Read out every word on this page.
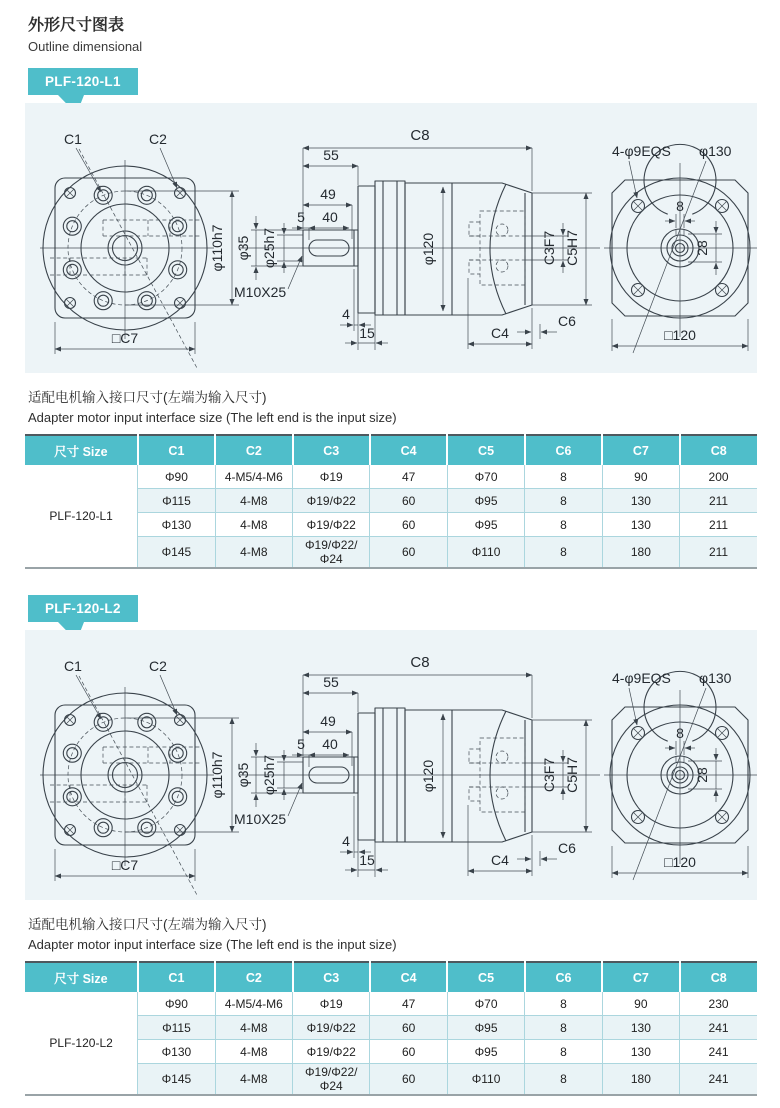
外形尺寸图表
Outline dimensional
PLF-120-L1
C1	C2
□C7
φ110h7
C8
55
49
5 40
φ35 φ25h7
M10X25
φ120
4
15	C4
C6
C3F7 C5H7
8
28
4-φ9EQS φ130
□120
适配电机输入接口尺寸(左端为输入尺寸)
Adapter motor input interface size (The left end is the input size)
尺寸 Size	C1	C2	C3	C4	C5	C6	C7	C8
PLF-120-L1	Φ90	4-M5/4-M6	Φ19	47	Φ70	8	90	200
	Φ115	4-M8	Φ19/Φ22	60	Φ95	8	130	211
	Φ130	4-M8	Φ19/Φ22	60	Φ95	8	130	211
	Φ145	4-M8	Φ19/Φ22/Φ24	60	Φ110	8	180	211
PLF-120-L2
C1	C2
□C7
φ110h7
C8
55
49
5 40
φ35 φ25h7
M10X25
φ120
4
15	C4
C6
C3F7 C5H7
8
28
4-φ9EQS φ130
□120
适配电机输入接口尺寸(左端为输入尺寸)
Adapter motor input interface size (The left end is the input size)
尺寸 Size	C1	C2	C3	C4	C5	C6	C7	C8
PLF-120-L2	Φ90	4-M5/4-M6	Φ19	47	Φ70	8	90	230
	Φ115	4-M8	Φ19/Φ22	60	Φ95	8	130	241
	Φ130	4-M8	Φ19/Φ22	60	Φ95	8	130	241
	Φ145	4-M8	Φ19/Φ22/Φ24	60	Φ110	8	180	241
